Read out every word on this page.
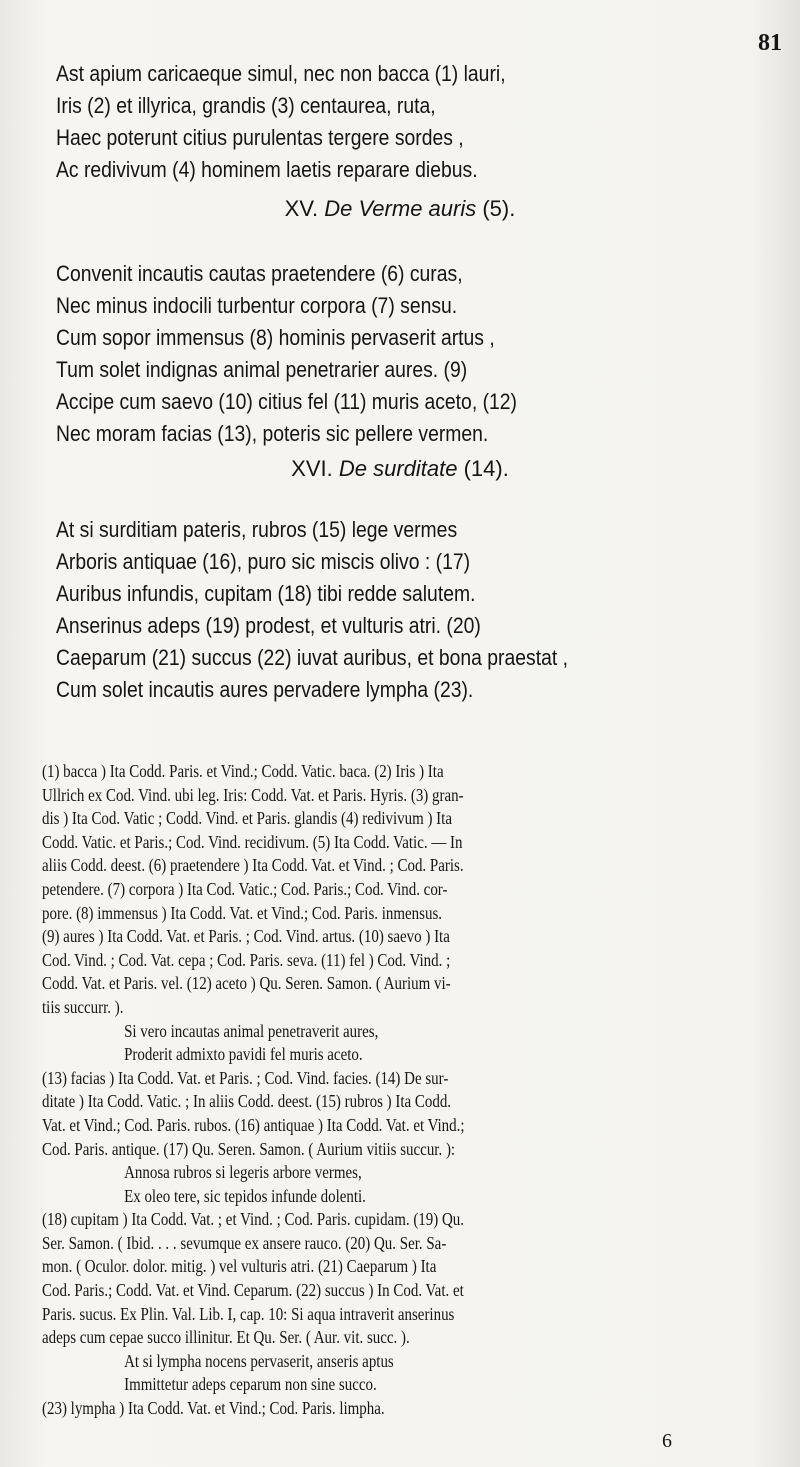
81
Ast apium caricaeque simul, nec non bacca (1) lauri,
Iris (2) et illyrica, grandis (3) centaurea, ruta,
Haec poterunt citius purulentas tergere sordes ,
Ac redivivum (4) hominem laetis reparare diebus.
XV. De Verme auris (5).
Convenit incautis cautas praetendere (6) curas,
Nec minus indocili turbentur corpora (7) sensu.
Cum sopor immensus (8) hominis pervaserit artus ,
Tum solet indignas animal penetrarier aures. (9)
Accipe cum saevo (10) citius fel (11) muris aceto, (12)
Nec moram facias (13), poteris sic pellere vermen.
XVI. De surditate (14).
At si surditiam pateris, rubros (15) lege vermes
Arboris antiquae (16), puro sic miscis olivo : (17)
Auribus infundis, cupitam (18) tibi redde salutem.
Anserinus adeps (19) prodest, et vulturis atri. (20)
Caeparum (21) succus (22) iuvat auribus, et bona praestat ,
Cum solet incautis aures pervadere lympha (23).
(1) bacca ) Ita Codd. Paris. et Vind.; Codd. Vatic. baca. (2) Iris ) Ita
Ullrich ex Cod. Vind. ubi leg. Iris: Codd. Vat. et Paris. Hyris. (3) gran-
dis ) Ita Cod. Vatic ; Codd. Vind. et Paris. glandis (4) redivivum ) Ita
Codd. Vatic. et Paris.; Cod. Vind. recidivum. (5) Ita Codd. Vatic. — In
aliis Codd. deest. (6) praetendere ) Ita Codd. Vat. et Vind. ; Cod. Paris.
petendere. (7) corpora ) Ita Cod. Vatic.; Cod. Paris.; Cod. Vind. cor-
pore. (8) immensus ) Ita Codd. Vat. et Vind.; Cod. Paris. inmensus.
(9) aures ) Ita Codd. Vat. et Paris. ; Cod. Vind. artus. (10) saevo ) Ita
Cod. Vind. ; Cod. Vat. cepa ; Cod. Paris. seva. (11) fel ) Cod. Vind. ;
Codd. Vat. et Paris. vel. (12) aceto ) Qu. Seren. Samon. ( Aurium vi-
tiis succurr. ).
Si vero incautas animal penetraverit aures,
Proderit admixto pavidi fel muris aceto.
(13) facias ) Ita Codd. Vat. et Paris. ; Cod. Vind. facies. (14) De sur-
ditate ) Ita Codd. Vatic. ; In aliis Codd. deest. (15) rubros ) Ita Codd.
Vat. et Vind.; Cod. Paris. rubos. (16) antiquae ) Ita Codd. Vat. et Vind.;
Cod. Paris. antique. (17) Qu. Seren. Samon. ( Aurium vitiis succur. ):
Annosa rubros si legeris arbore vermes,
Ex oleo tere, sic tepidos infunde dolenti.
(18) cupitam ) Ita Codd. Vat. ; et Vind. ; Cod. Paris. cupidam. (19) Qu.
Ser. Samon. ( Ibid. . . . sevumque ex ansere rauco. (20) Qu. Ser. Sa-
mon. ( Oculor. dolor. mitig. ) vel vulturis atri. (21) Caeparum ) Ita
Cod. Paris.; Codd. Vat. et Vind. Ceparum. (22) succus ) In Cod. Vat. et
Paris. sucus. Ex Plin. Val. Lib. I, cap. 10: Si aqua intraverit anserinus
adeps cum cepae succo illinitur. Et Qu. Ser. ( Aur. vit. succ. ).
At si lympha nocens pervaserit, anseris aptus
Immittetur adeps ceparum non sine succo.
(23) lympha ) Ita Codd. Vat. et Vind.; Cod. Paris. limpha.
6
